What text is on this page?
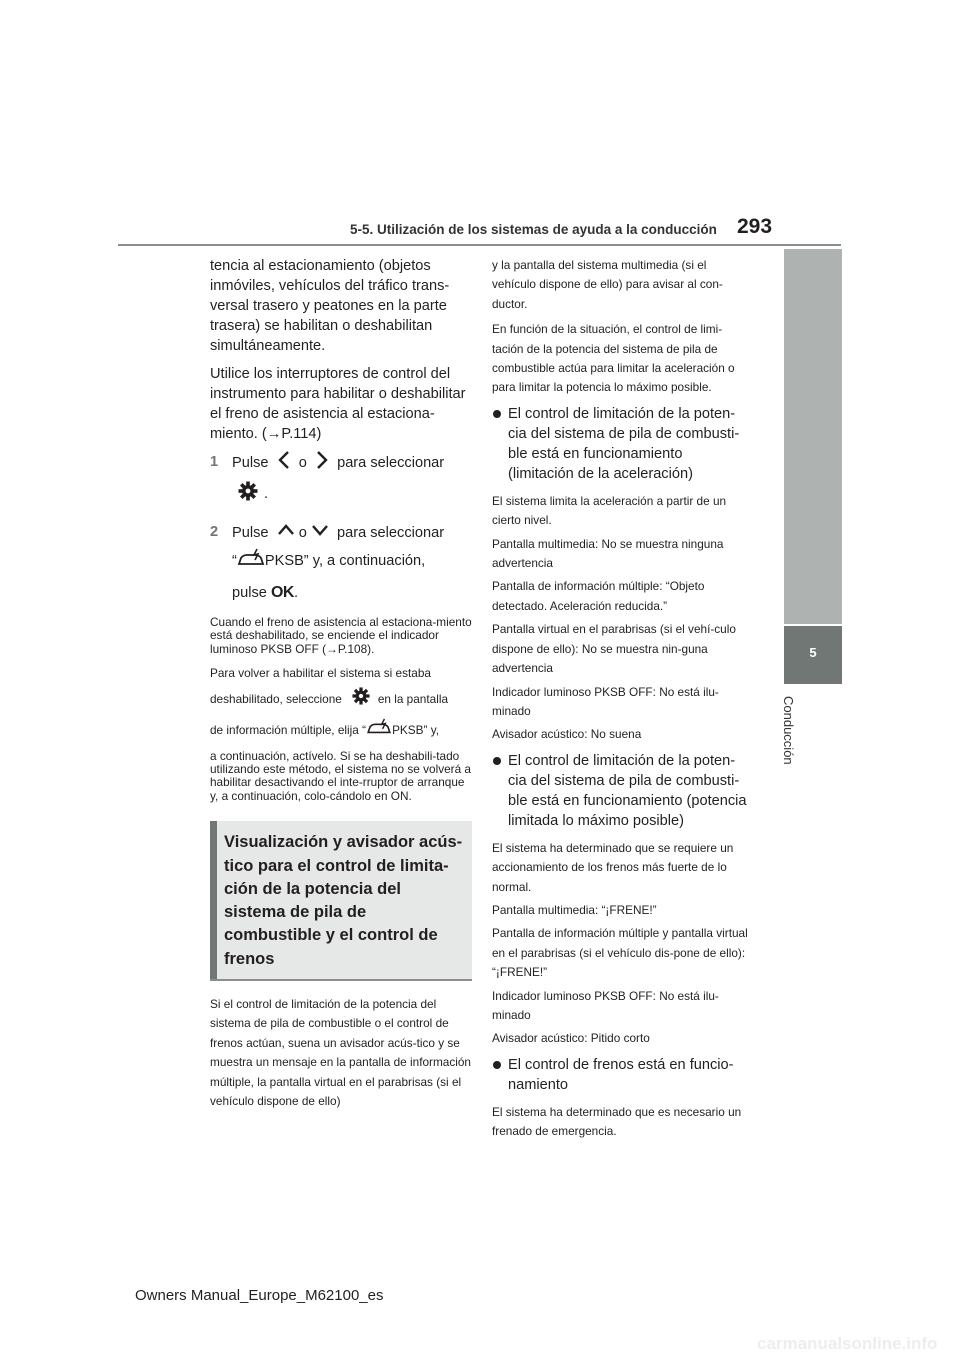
5-5. Utilización de los sistemas de ayuda a la conducción 293
5
Conducción

tencia al estacionamiento (objetos inmóviles, vehículos del tráfico trans-versal trasero y peatones en la parte trasera) se habilitan o deshabilitan simultáneamente.

Utilice los interruptores de control del instrumento para habilitar o deshabilitar el freno de asistencia al estaciona-miento. (→P.114)

1 Pulse

o

para seleccionar
.
2 Pulse

o

para seleccionar
“ PKSB” y, a continuación,
pulse
OK .

Cuando el freno de asistencia al estaciona-miento está deshabilitado, se enciende el indicador luminoso PKSB OFF (→P.108).

Para volver a habilitar el sistema si estaba

deshabilitado, seleccione	en la pantalla
de información múltiple, elija “ PKSB” y,

a continuación, actívelo. Si se ha deshabili-tado utilizando este método, el sistema no se volverá a habilitar desactivando el inte-rruptor de arranque y, a continuación, colo-cándolo en ON.

Visualización y avisador acús-tico para el control de limita-ción de la potencia del sistema de pila de combustible y el control de frenos

Si el control de limitación de la potencia del sistema de pila de combustible o el control de frenos actúan, suena un avisador acús-tico y se muestra un mensaje en la pantalla de información múltiple, la pantalla virtual en el parabrisas (si el vehículo dispone de ello)

y la pantalla del sistema multimedia (si el vehículo dispone de ello) para avisar al con-ductor.

En función de la situación, el control de limi-tación de la potencia del sistema de pila de combustible actúa para limitar la aceleración o para limitar la potencia lo máximo posible.

El control de limitación de la poten-cia del sistema de pila de combusti-ble está en funcionamiento (limitación de la aceleración)

El sistema limita la aceleración a partir de un cierto nivel.

Pantalla multimedia: No se muestra ninguna advertencia

Pantalla de información múltiple: “Objeto detectado. Aceleración reducida.”

Pantalla virtual en el parabrisas (si el vehí-culo dispone de ello): No se muestra nin-guna advertencia

Indicador luminoso PKSB OFF: No está ilu-minado

Avisador acústico: No suena

El control de limitación de la poten-cia del sistema de pila de combusti-ble está en funcionamiento (potencia limitada lo máximo posible)

El sistema ha determinado que se requiere un accionamiento de los frenos más fuerte de lo normal.

Pantalla multimedia: “¡FRENE!”

Pantalla de información múltiple y pantalla virtual en el parabrisas (si el vehículo dis-pone de ello): “¡FRENE!”

Indicador luminoso PKSB OFF: No está ilu-minado

Avisador acústico: Pitido corto

El control de frenos está en funcio-namiento

El sistema ha determinado que es necesario un frenado de emergencia.

Owners Manual_Europe_M62100_es
carmanualsonline.info
